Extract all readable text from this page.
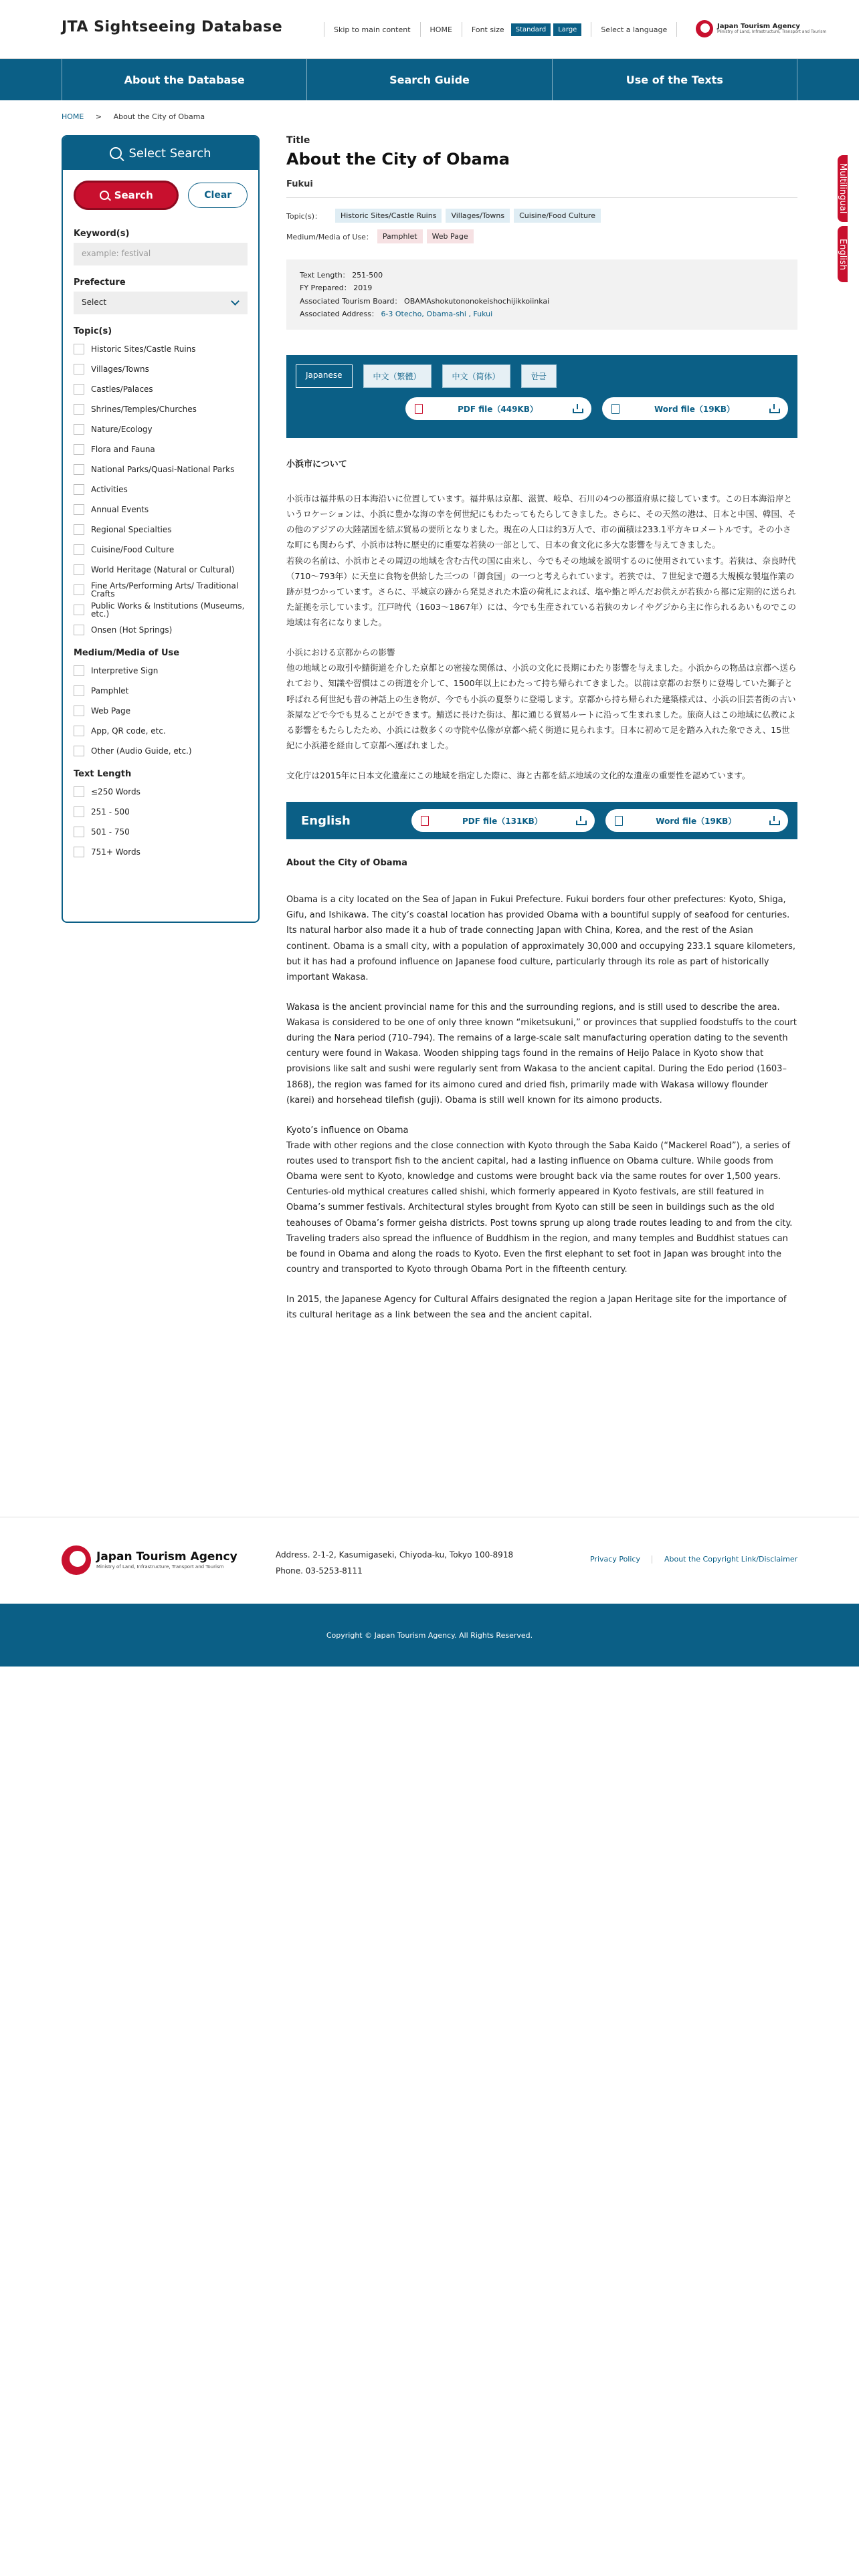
JTA Sightseeing Database	Skip to main content	HOME	Font size	Standard	Large	Select a language	Japan Tourism Agency
Ministry of Land, Infrastructure, Transport and Tourism
About the Database	Search Guide	Use of the Texts
Multilingual
English
HOME > About the City of Obama
Select Search
Search	Clear
Keyword(s)
example: festival
Prefecture
Select
Topic(s)
Historic Sites/Castle Ruins
Villages/Towns
Castles/Palaces
Shrines/Temples/Churches
Nature/Ecology
Flora and Fauna
National Parks/Quasi-National Parks
Activities
Annual Events
Regional Specialties
Cuisine/Food Culture
World Heritage (Natural or Cultural)
Fine Arts/Performing Arts/ Traditional Crafts
Public Works & Institutions (Museums, etc.)
Onsen (Hot Springs)
Medium/Media of Use
Interpretive Sign
Pamphlet
Web Page
App, QR code, etc.
Other (Audio Guide, etc.)
Text Length
≤250 Words
251 - 500
501 - 750
751+ Words
Title
About the City of Obama
Fukui
Topic(s)：	Historic Sites/Castle Ruins	Villages/Towns	Cuisine/Food Culture
Medium/Media of Use：	Pamphlet	Web Page
Text Length： 251-500
FY Prepared： 2019
Associated Tourism Board： OBAMAshokutononokeishochijikkoiinkai
Associated Address： 6-3 Otecho, Obama-shi , Fukui
Japanese	中文（繁體）	中文（简体）	한글
PDF file（449KB）	Word file（19KB）
小浜市について
小浜市は福井県の日本海沿いに位置しています。福井県は京都、滋賀、岐阜、石川の4つの都道府県に接しています。この日本海沿岸というロケーションは、小浜に豊かな海の幸を何世紀にもわたってもたらしてきました。さらに、その天然の港は、日本と中国、韓国、その他のアジアの大陸諸国を結ぶ貿易の要所となりました。現在の人口は約3万人で、市の面積は233.1平方キロメートルです。その小さな町にも関わらず、小浜市は特に歴史的に重要な若狭の一部として、日本の食文化に多大な影響を与えてきました。
若狭の名前は、小浜市とその周辺の地域を含む古代の国に由来し、今でもその地域を説明するのに使用されています。若狭は、奈良時代（710〜793年）に天皇に食物を供給した三つの「御食国」の一つと考えられています。若狭では、７世紀まで遡る大規模な製塩作業の跡が見つかっています。さらに、平城京の跡から発見された木造の荷札によれば、塩や鮨と呼んだお供えが若狭から都に定期的に送られた証拠を示しています。江戸時代（1603〜1867年）には、今でも生産されている若狭のカレイやグジから主に作られるあいものでこの地域は有名になりました。
小浜における京都からの影響
他の地域との取引や鯖街道を介した京都との密接な関係は、小浜の文化に長期にわたり影響を与えました。小浜からの物品は京都へ送られており、知識や習慣はこの街道を介して、1500年以上にわたって持ち帰られてきました。以前は京都のお祭りに登場していた獅子と呼ばれる何世紀も昔の神話上の生き物が、今でも小浜の夏祭りに登場します。京都から持ち帰られた建築様式は、小浜の旧芸者街の古い茶屋などで今でも見ることができます。鯖送に長けた街は、都に通じる貿易ルートに沿って生まれました。旅商人はこの地域に仏教による影響をもたらしたため、小浜には数多くの寺院や仏像が京都へ続く街道に見られます。日本に初めて足を踏み入れた象でさえ、15世紀に小浜港を経由して京都へ運ばれました。
文化庁は2015年に日本文化遺産にこの地域を指定した際に、海と古都を結ぶ地域の文化的な遺産の重要性を認めています。
English	PDF file（131KB）	Word file（19KB）
About the City of Obama
Obama is a city located on the Sea of Japan in Fukui Prefecture. Fukui borders four other prefectures: Kyoto, Shiga, Gifu, and Ishikawa. The city’s coastal location has provided Obama with a bountiful supply of seafood for centuries. Its natural harbor also made it a hub of trade connecting Japan with China, Korea, and the rest of the Asian continent. Obama is a small city, with a population of approximately 30,000 and occupying 233.1 square kilometers, but it has had a profound influence on Japanese food culture, particularly through its role as part of historically important Wakasa.
Wakasa is the ancient provincial name for this and the surrounding regions, and is still used to describe the area. Wakasa is considered to be one of only three known “miketsukuni,” or provinces that supplied foodstuffs to the court during the Nara period (710–794). The remains of a large-scale salt manufacturing operation dating to the seventh century were found in Wakasa. Wooden shipping tags found in the remains of Heijo Palace in Kyoto show that provisions like salt and sushi were regularly sent from Wakasa to the ancient capital. During the Edo period (1603–1868), the region was famed for its aimono cured and dried fish, primarily made with Wakasa willowy flounder (karei) and horsehead tilefish (guji). Obama is still well known for its aimono products.
Kyoto’s influence on Obama
Trade with other regions and the close connection with Kyoto through the Saba Kaido (“Mackerel Road”), a series of routes used to transport fish to the ancient capital, had a lasting influence on Obama culture. While goods from Obama were sent to Kyoto, knowledge and customs were brought back via the same routes for over 1,500 years. Centuries-old mythical creatures called shishi, which formerly appeared in Kyoto festivals, are still featured in Obama’s summer festivals. Architectural styles brought from Kyoto can still be seen in buildings such as the old teahouses of Obama’s former geisha districts. Post towns sprung up along trade routes leading to and from the city. Traveling traders also spread the influence of Buddhism in the region, and many temples and Buddhist statues can be found in Obama and along the roads to Kyoto. Even the first elephant to set foot in Japan was brought into the country and transported to Kyoto through Obama Port in the fifteenth century.
In 2015, the Japanese Agency for Cultural Affairs designated the region a Japan Heritage site for the importance of its cultural heritage as a link between the sea and the ancient capital.
Japan Tourism Agency
Ministry of Land, Infrastructure, Transport and Tourism
Address. 2-1-2, Kasumigaseki, Chiyoda-ku, Tokyo 100-8918
Phone. 03-5253-8111
Privacy Policy	About the Copyright Link/Disclaimer
Copyright © Japan Tourism Agency. All Rights Reserved.
